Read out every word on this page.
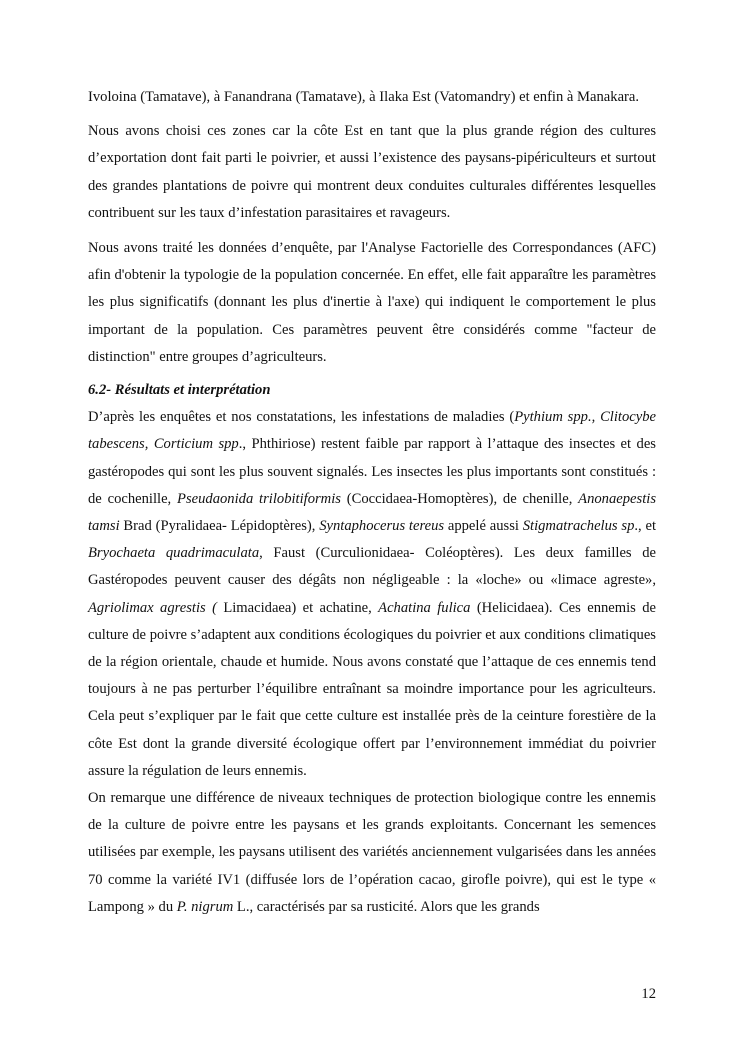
Ivoloina (Tamatave), à Fanandrana (Tamatave), à Ilaka Est (Vatomandry) et enfin à Manakara.

Nous avons choisi ces zones car la côte Est en tant que la plus grande région des cultures d’exportation dont fait parti le poivrier, et aussi l’existence des paysans-pipériculteurs et surtout des grandes plantations de poivre qui montrent deux conduites culturales différentes lesquelles contribuent sur les taux d’infestation parasitaires et ravageurs.

Nous avons traité les données d’enquête, par l'Analyse Factorielle des Correspondances (AFC) afin d'obtenir la typologie de la population concernée. En effet, elle fait apparaître les paramètres les plus significatifs (donnant les plus d'inertie à l'axe) qui indiquent le comportement le plus important de la population. Ces paramètres peuvent être considérés comme "facteur de distinction" entre groupes d’agriculteurs.

6.2- Résultats et interprétation

D’après les enquêtes et nos constatations, les infestations de maladies (Pythium spp., Clitocybe tabescens, Corticium spp., Phthiriose) restent faible par rapport à l’attaque des insectes et des gastéropodes qui sont les plus souvent signalés. Les insectes les plus importants sont constitués : de cochenille, Pseudaonida trilobitiformis (Coccidaea-Homoptères), de chenille, Anonaepestis tamsi Brad (Pyralidaea- Lépidoptères), Syntaphocerus tereus appelé aussi Stigmatrachelus sp., et Bryochaeta quadrimaculata, Faust (Curculionidaea- Coléoptères). Les deux familles de Gastéropodes peuvent causer des dégâts non négligeable : la «loche» ou «limace agreste», Agriolimax agrestis ( Limacidaea) et achatine, Achatina fulica (Helicidaea). Ces ennemis de culture de poivre s’adaptent aux conditions écologiques du poivrier et aux conditions climatiques de la région orientale, chaude et humide. Nous avons constaté que l’attaque de ces ennemis tend toujours à ne pas perturber l’équilibre entraînant sa moindre importance pour les agriculteurs. Cela peut s’expliquer par le fait que cette culture est installée près de la ceinture forestière de la côte Est dont la grande diversité écologique offert par l’environnement immédiat du poivrier assure la régulation de leurs ennemis.

On remarque une différence de niveaux techniques de protection biologique contre les ennemis de la culture de poivre entre les paysans et les grands exploitants. Concernant les semences utilisées par exemple, les paysans utilisent des variétés anciennement vulgarisées dans les années 70 comme la variété IV1 (diffusée lors de l’opération cacao, girofle poivre), qui est le type « Lampong » du P. nigrum L., caractérisés par sa rusticité. Alors que les grands

12
